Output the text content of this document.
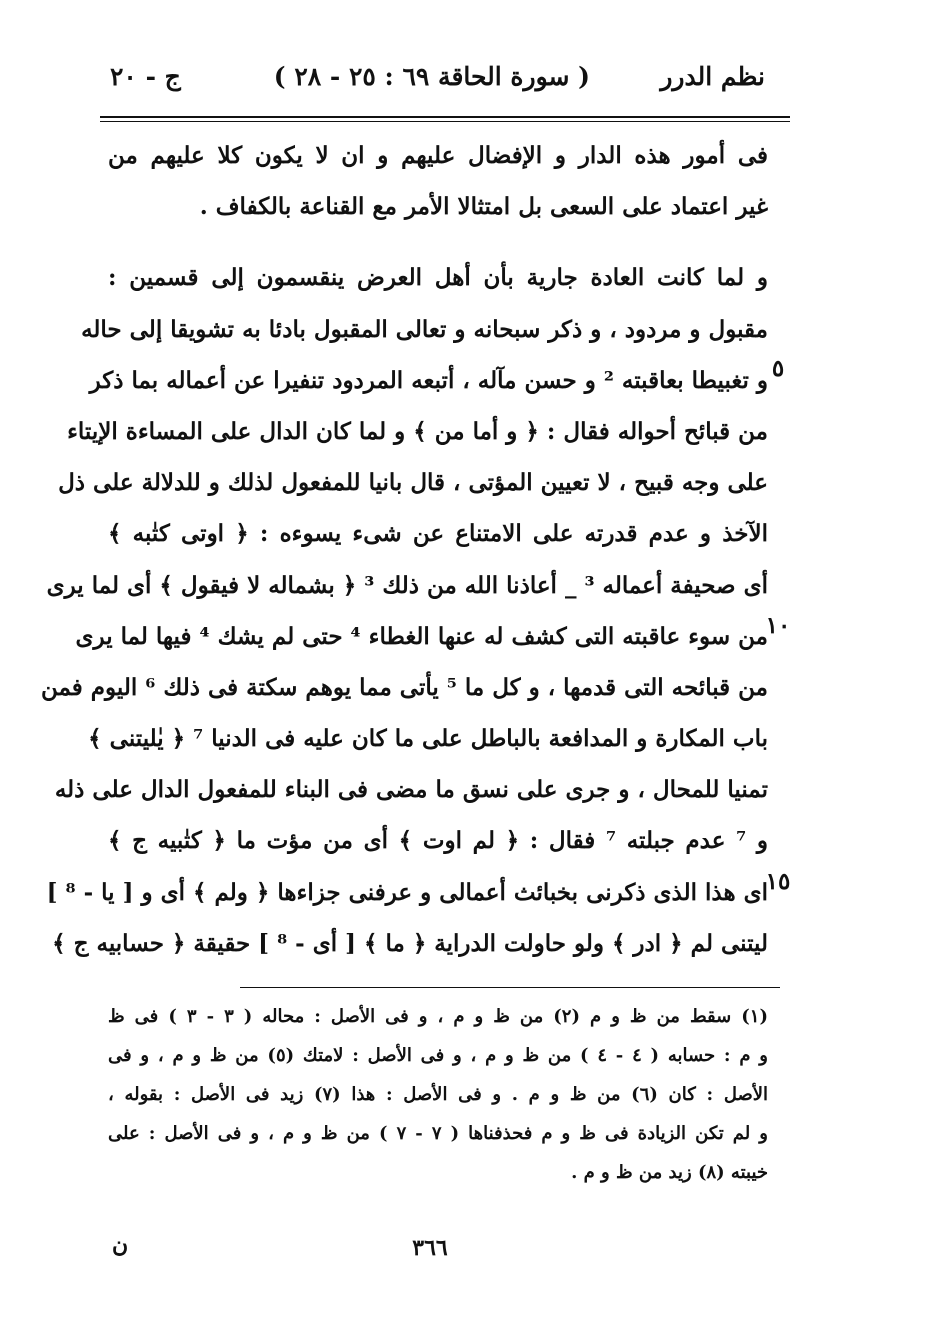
نظم الدرر
( سورة الحاقة ٦٩ : ٢٥ - ٢٨ )
ج - ٢٠
فى أمور هذه الدار و الإفضال عليهم و ان لا يكون كلا عليهم من
غير اعتماد على السعى بل امتثالا الأمر مع القناعة بالكفاف .
و لما كانت العادة جارية بأن أهل العرض ينقسمون إلى قسمين :
مقبول و مردود ، و ذكر سبحانه و تعالى المقبول بادئا به تشويقا إلى حاله
و تغبيطا بعاقبته ² و حسن مآله ، أتبعه المردود تنفيرا عن أعماله بما ذكر
من قبائح أحواله فقال : ﴿ و أما من ﴾ و لما كان الدال على المساءة الإيتاء
على وجه قبيح ، لا تعيين المؤتى ، قال بانيا للمفعول لذلك و للدلالة على ذل
الآخذ و عدم قدرته على الامتناع عن شىء يسوءه : ﴿ اوتى كتٰبه ﴾
أى صحيفة أعماله ³ _ أعاذنا الله من ذلك ³ ﴿ بشماله لا فيقول ﴾ أى لما يرى
من سوء عاقبته التى كشف له عنها الغطاء ⁴ حتى لم يشك ⁴ فيها لما يرى
من قبائحه التى قدمها ، و كل ما ⁵ يأتى مما يوهم سكتة فى ذلك ⁶ اليوم فمن
باب المكارة و المدافعة بالباطل على ما كان عليه فى الدنيا ⁷ ﴿ يٰليتنى ﴾
تمنيا للمحال ، و جرى على نسق ما مضى فى البناء للمفعول الدال على ذله
و ⁷ عدم جبلته ⁷ فقال : ﴿ لم اوت ﴾ أى من مؤت ما ﴿ كتٰبيه ج ﴾
اى هذا الذى ذكرنى بخبائث أعمالى و عرفنى جزاءها ﴿ ولم ﴾ أى و [ يا - ⁸ ]
ليتنى لم ﴿ ادر ﴾ ولو حاولت الدراية ﴿ ما ﴾ [ أى - ⁸ ] حقيقة ﴿ حسابيه ج ﴾
٥
١٠
١٥
(١) سقط من ظ و م (٢) من ظ و م ، و فى الأصل : محاله ( ٣ - ٣ ) فى ظ
و م : حسابه ( ٤ - ٤ ) من ظ و م ، و فى الأصل : لامتك (٥) من ظ و م ، و فى
الأصل : كان (٦) من ظ و م . و فى الأصل : هذا (٧) زيد فى الأصل : بقوله ،
و لم تكن الزيادة فى ظ و م فحذفناها ( ٧ - ٧ ) من ظ و م ، و فى الأصل : على
خيبته (٨) زيد من ظ و م .
٣٦٦
ن
